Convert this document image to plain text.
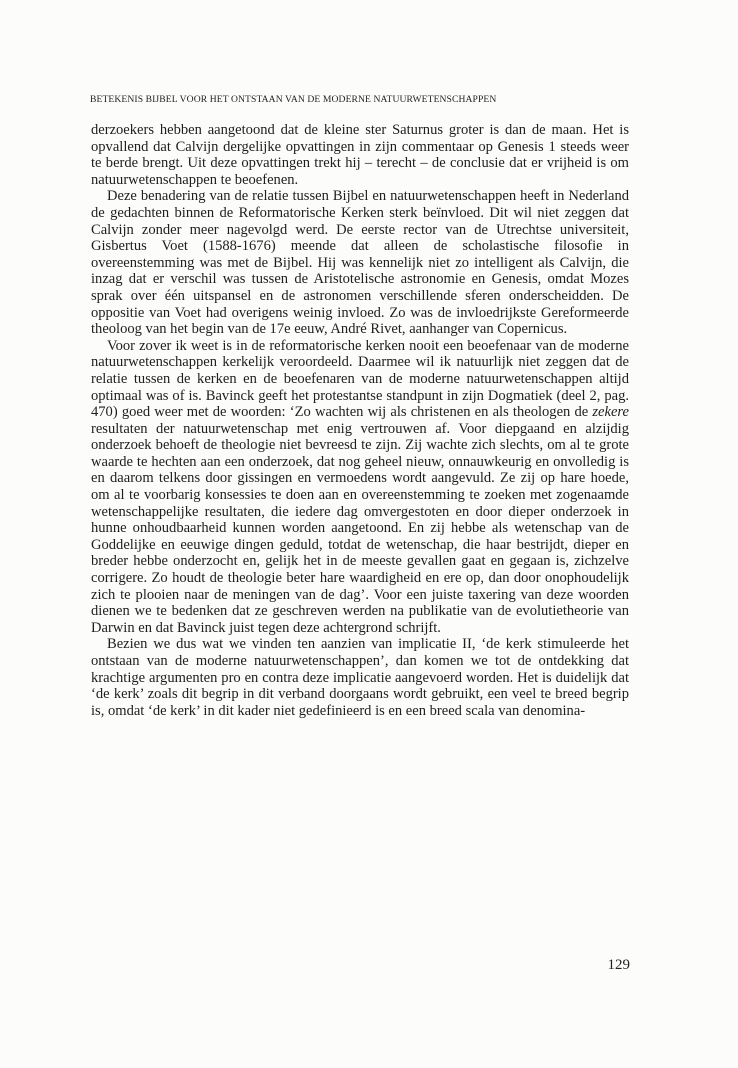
BETEKENIS BIJBEL VOOR HET ONTSTAAN VAN DE MODERNE NATUURWETENSCHAPPEN

derzoekers hebben aangetoond dat de kleine ster Saturnus groter is dan de maan. Het is opvallend dat Calvijn dergelijke opvattingen in zijn commentaar op Genesis 1 steeds weer te berde brengt. Uit deze opvattingen trekt hij – terecht – de conclusie dat er vrijheid is om natuurwetenschappen te beoefenen.

Deze benadering van de relatie tussen Bijbel en natuurwetenschappen heeft in Nederland de gedachten binnen de Reformatorische Kerken sterk beïnvloed. Dit wil niet zeggen dat Calvijn zonder meer nagevolgd werd. De eerste rector van de Utrechtse universiteit, Gisbertus Voet (1588-1676) meende dat alleen de scholastische filosofie in overeenstemming was met de Bijbel. Hij was kennelijk niet zo intelligent als Calvijn, die inzag dat er verschil was tussen de Aristotelische astronomie en Genesis, omdat Mozes sprak over één uitspansel en de astronomen verschillende sferen onderscheidden. De oppositie van Voet had overigens weinig invloed. Zo was de invloedrijkste Gereformeerde theoloog van het begin van de 17e eeuw, André Rivet, aanhanger van Copernicus.

Voor zover ik weet is in de reformatorische kerken nooit een beoefenaar van de moderne natuurwetenschappen kerkelijk veroordeeld. Daarmee wil ik natuurlijk niet zeggen dat de relatie tussen de kerken en de beoefenaren van de moderne natuurwetenschappen altijd optimaal was of is. Bavinck geeft het protestantse standpunt in zijn Dogmatiek (deel 2, pag. 470) goed weer met de woorden: ‘Zo wachten wij als christenen en als theologen de zekere resultaten der natuurwetenschap met enig vertrouwen af. Voor diepgaand en alzijdig onderzoek behoeft de theologie niet bevreesd te zijn. Zij wachte zich slechts, om al te grote waarde te hechten aan een onderzoek, dat nog geheel nieuw, onnauwkeurig en onvolledig is en daarom telkens door gissingen en vermoedens wordt aangevuld. Ze zij op hare hoede, om al te voorbarig konsessies te doen aan en overeenstemming te zoeken met zogenaamde wetenschappelijke resultaten, die iedere dag omvergestoten en door dieper onderzoek in hunne onhoudbaarheid kunnen worden aangetoond. En zij hebbe als wetenschap van de Goddelijke en eeuwige dingen geduld, totdat de wetenschap, die haar bestrijdt, dieper en breder hebbe onderzocht en, gelijk het in de meeste gevallen gaat en gegaan is, zichzelve corrigere. Zo houdt de theologie beter hare waardigheid en ere op, dan door onophoudelijk zich te plooien naar de meningen van de dag’. Voor een juiste taxering van deze woorden dienen we te bedenken dat ze geschreven werden na publikatie van de evolutietheorie van Darwin en dat Bavinck juist tegen deze achtergrond schrijft.

Bezien we dus wat we vinden ten aanzien van implicatie II, ‘de kerk stimuleerde het ontstaan van de moderne natuurwetenschappen’, dan komen we tot de ontdekking dat krachtige argumenten pro en contra deze implicatie aangevoerd worden. Het is duidelijk dat ‘de kerk’ zoals dit begrip in dit verband doorgaans wordt gebruikt, een veel te breed begrip is, omdat ‘de kerk’ in dit kader niet gedefinieerd is en een breed scala van denomina-

129
